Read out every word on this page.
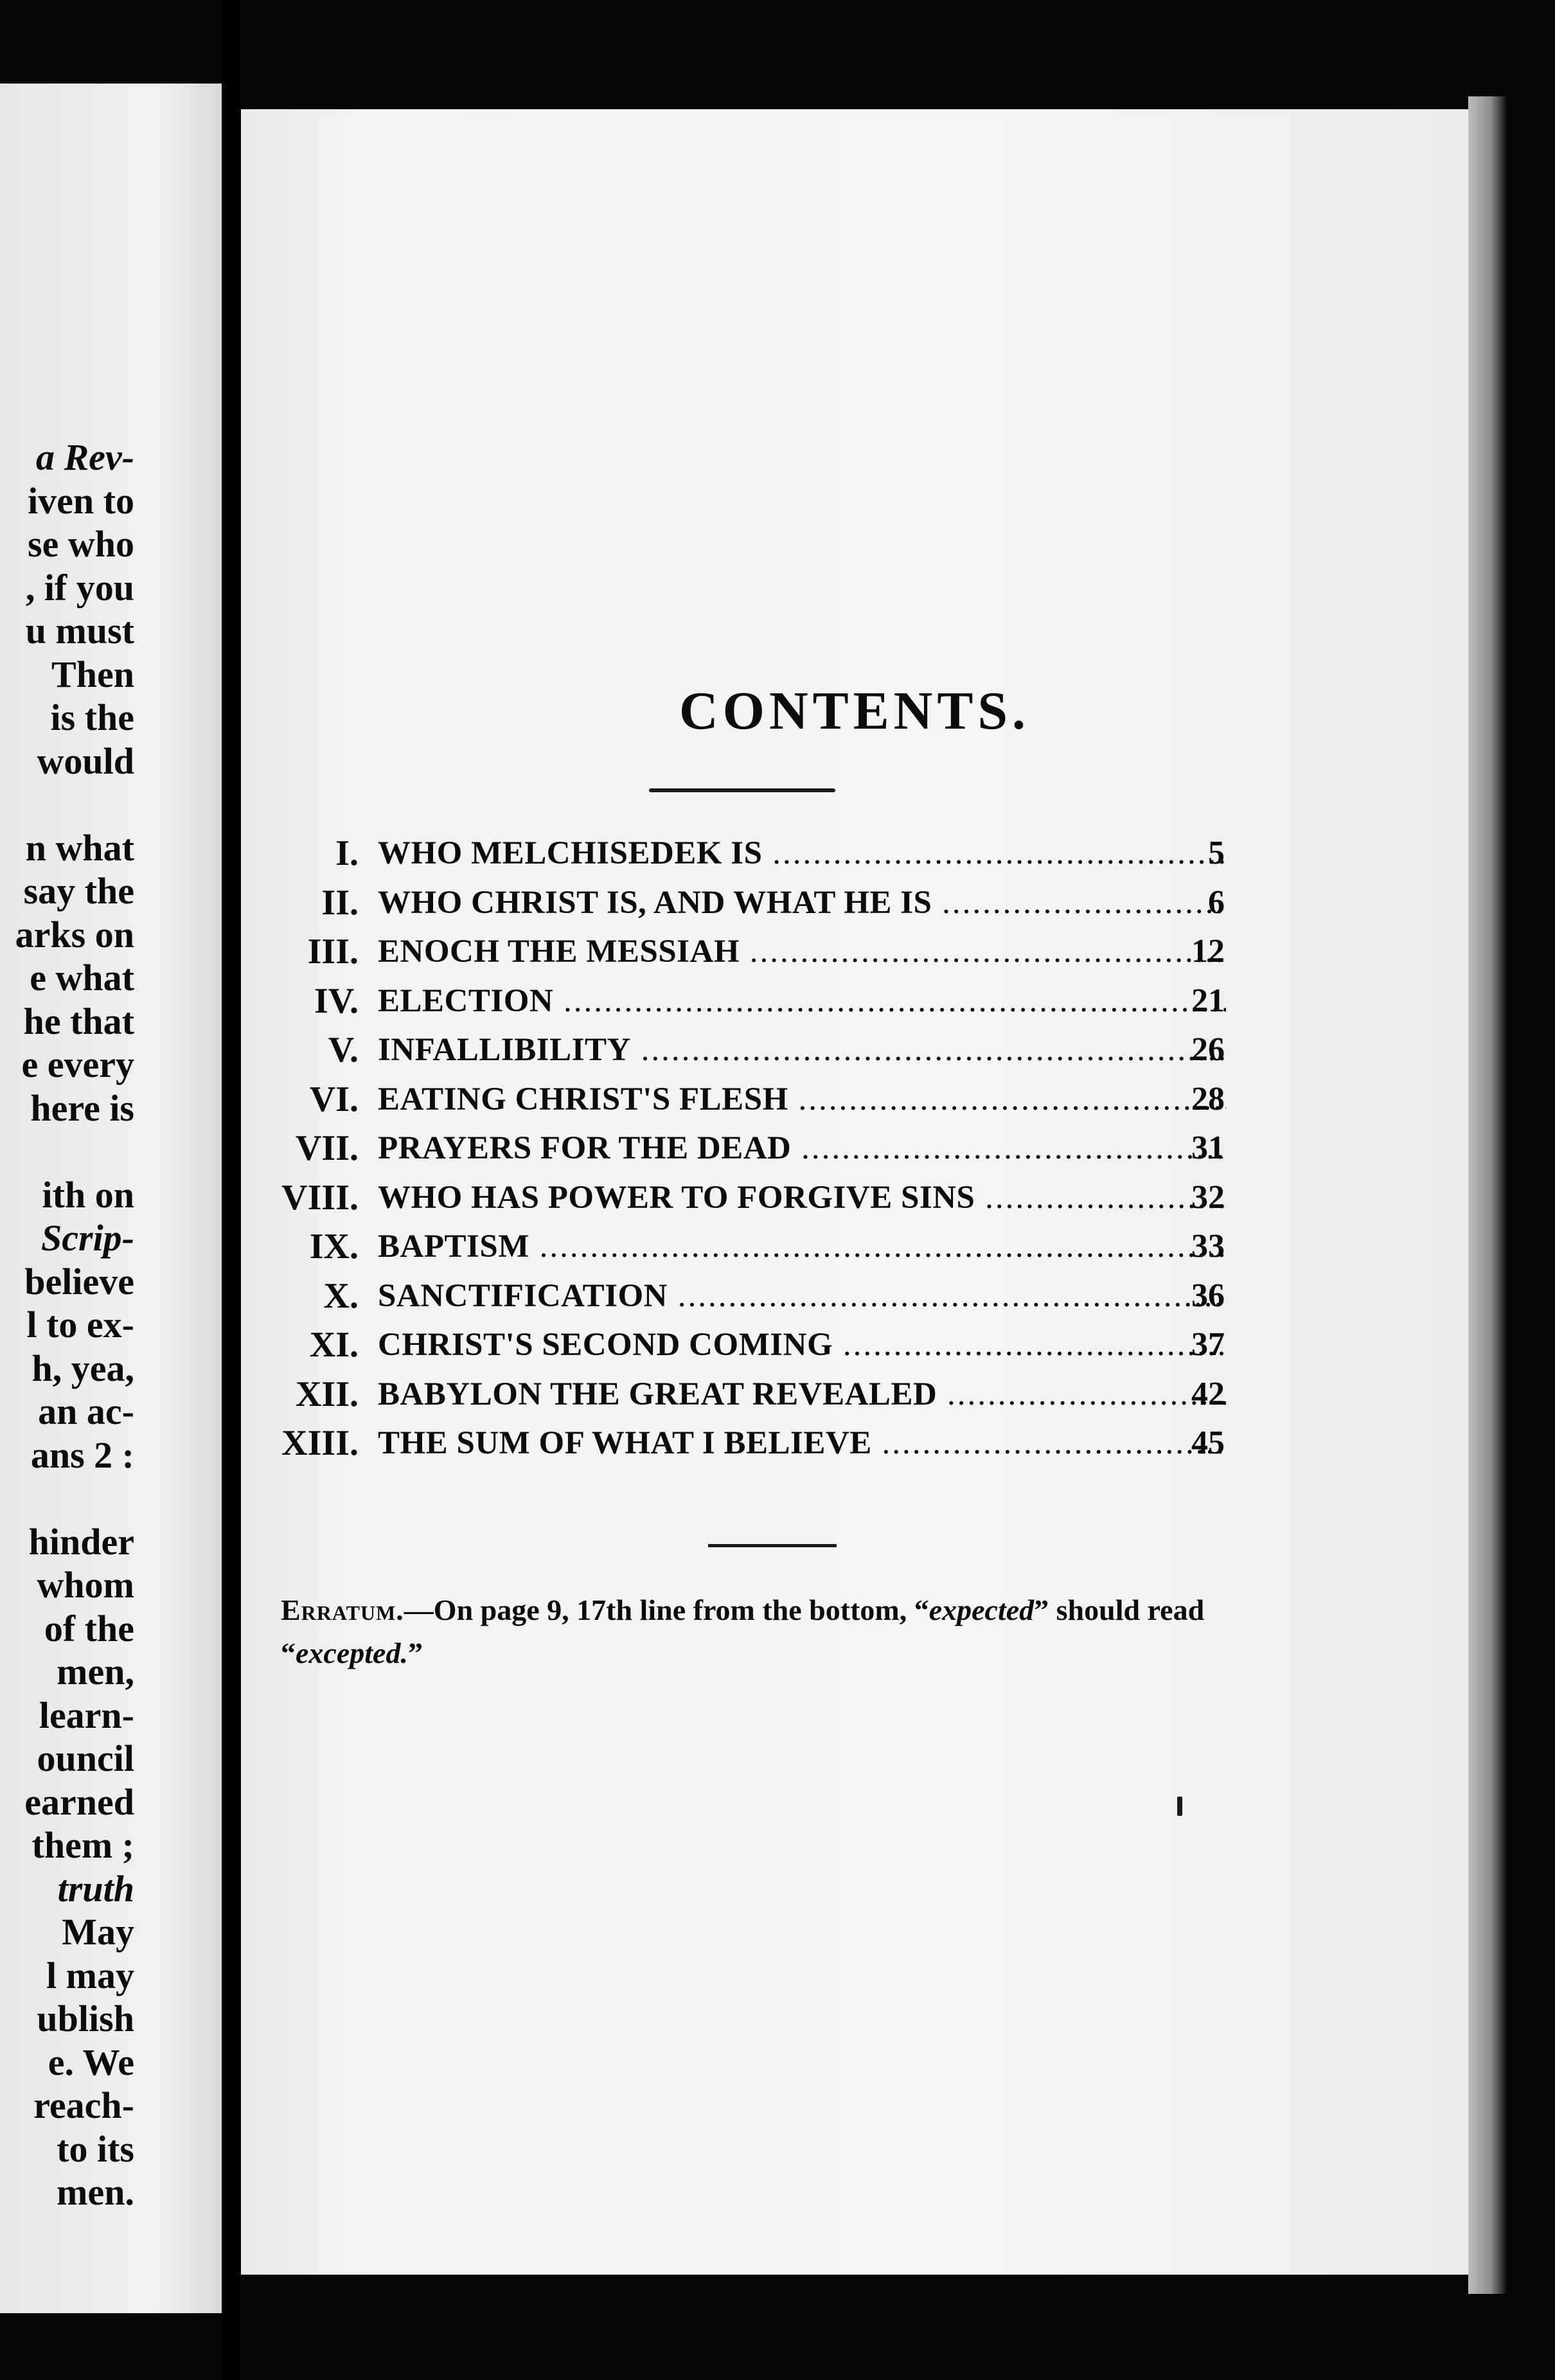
a Rev-
iven to
se who
, if you
u must
Then
is the
would
n what
say the
arks on
e what
he that
e every
here is
ith on
Scrip-
believe
l to ex-
h, yea,
an ac-
ans 2 :
hinder
whom
of the
men,
learn-
ouncil
earned
them ;
truth
May
l may
ublish
e. We
reach-
to its
men.
CONTENTS.
I. WHO MELCHISEDEK IS .....	5
II. WHO CHRIST IS, AND WHAT HE IS .....	6
III. ENOCH THE MESSIAH .....	12
IV. ELECTION .....	21
V. INFALLIBILITY .....	26
VI. EATING CHRIST'S FLESH .....	28
VII. PRAYERS FOR THE DEAD .....	31
VIII. WHO HAS POWER TO FORGIVE SINS .....	32
IX. BAPTISM .....	33
X. SANCTIFICATION .....	36
XI. CHRIST'S SECOND COMING .....	37
XII. BABYLON THE GREAT REVEALED .....	42
XIII. THE SUM OF WHAT I BELIEVE .....	45

Erratum.—On page 9, 17th line from the bottom, “expected” should read “excepted.”
